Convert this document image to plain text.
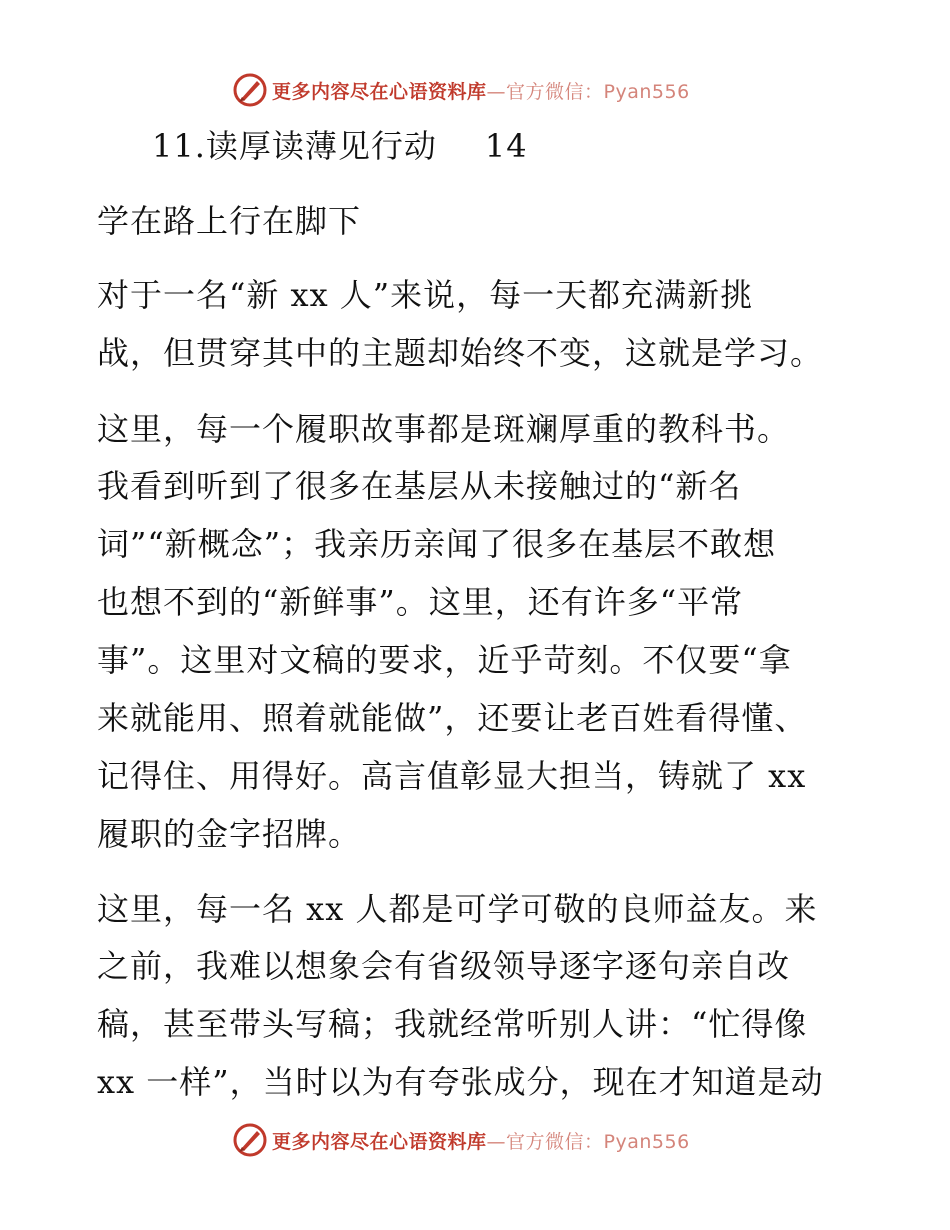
更多内容尽在心语资料库—官方微信：Pyan556
11.读厚读薄见行动 14
学在路上行在脚下
对于一名“新 xx 人”来说，每一天都充满新挑
战，但贯穿其中的主题却始终不变，这就是学习。
这里，每一个履职故事都是斑斓厚重的教科书。
我看到听到了很多在基层从未接触过的“新名
词”“新概念”；我亲历亲闻了很多在基层不敢想
也想不到的“新鲜事”。这里，还有许多“平常
事”。这里对文稿的要求，近乎苛刻。不仅要“拿
来就能用、照着就能做”，还要让老百姓看得懂、
记得住、用得好。高言值彰显大担当，铸就了 xx
履职的金字招牌。
这里，每一名 xx 人都是可学可敬的良师益友。来
之前，我难以想象会有省级领导逐字逐句亲自改
稿，甚至带头写稿；我就经常听别人讲：“忙得像
xx 一样”，当时以为有夸张成分，现在才知道是动
更多内容尽在心语资料库—官方微信：Pyan556
